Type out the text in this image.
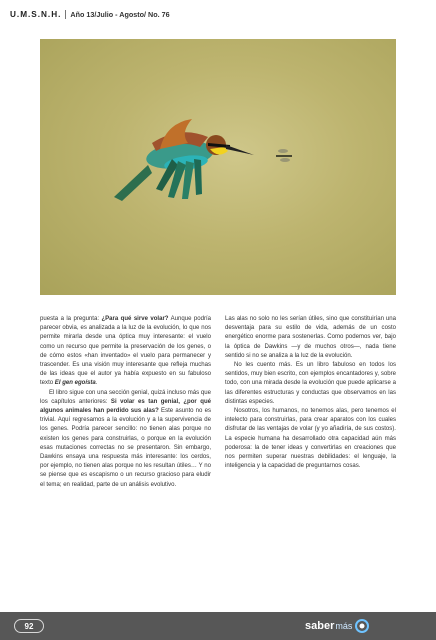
U.M.S.N.H.	Año 13/Julio - Agosto/ No. 76

puesta a la pregunta: ¿Para qué sirve volar? Aunque podría parecer obvia, es analizada a la luz de la evolución, lo que nos permite mirarla desde una óptica muy interesante: el vuelo como un recurso que permite la preservación de los genes, o de cómo estos «han inventado» el vuelo para permanecer y trascender. Es una visión muy interesante que refleja muchas de las ideas que el autor ya había expuesto en su fabuloso texto El gen egoísta.

El libro sigue con una sección genial, quizá incluso más que los capítulos anteriores: Si volar es tan genial, ¿por qué algunos animales han perdido sus alas? Este asunto no es trivial. Aquí regresamos a la evolución y a la supervivencia de los genes. Podría parecer sencillo: no tienen alas porque no existen los genes para construirlas, o porque en la evolución esas mutaciones correctas no se presentaron. Sin embargo, Dawkins ensaya una respuesta más interesante: los cerdos, por ejemplo, no tienen alas porque no les resultan útiles… Y no se piense que es escapismo o un recurso gracioso para eludir el tema; en realidad, parte de un análisis evolutivo.

Las alas no solo no les serían útiles, sino que constituirían una desventaja para su estilo de vida, además de un costo energético enorme para sostenerlas. Como podemos ver, bajo la óptica de Dawkins —y de muchos otros—, nada tiene sentido si no se analiza a la luz de la evolución.

No les cuento más. Es un libro fabuloso en todos los sentidos, muy bien escrito, con ejemplos encantadores y, sobre todo, con una mirada desde la evolución que puede aplicarse a las diferentes estructuras y conductas que observamos en las distintas especies.

Nosotros, los humanos, no tenemos alas, pero tenemos el intelecto para construirlas, para crear aparatos con los cuales disfrutar de las ventajas de volar (y yo añadiría, de sus costos). La especie humana ha desarrollado otra capacidad aún más poderosa: la de tener ideas y convertirlas en creaciones que nos permiten superar nuestras debilidades: el lenguaje, la inteligencia y la capacidad de preguntarnos cosas.

92	saber más
